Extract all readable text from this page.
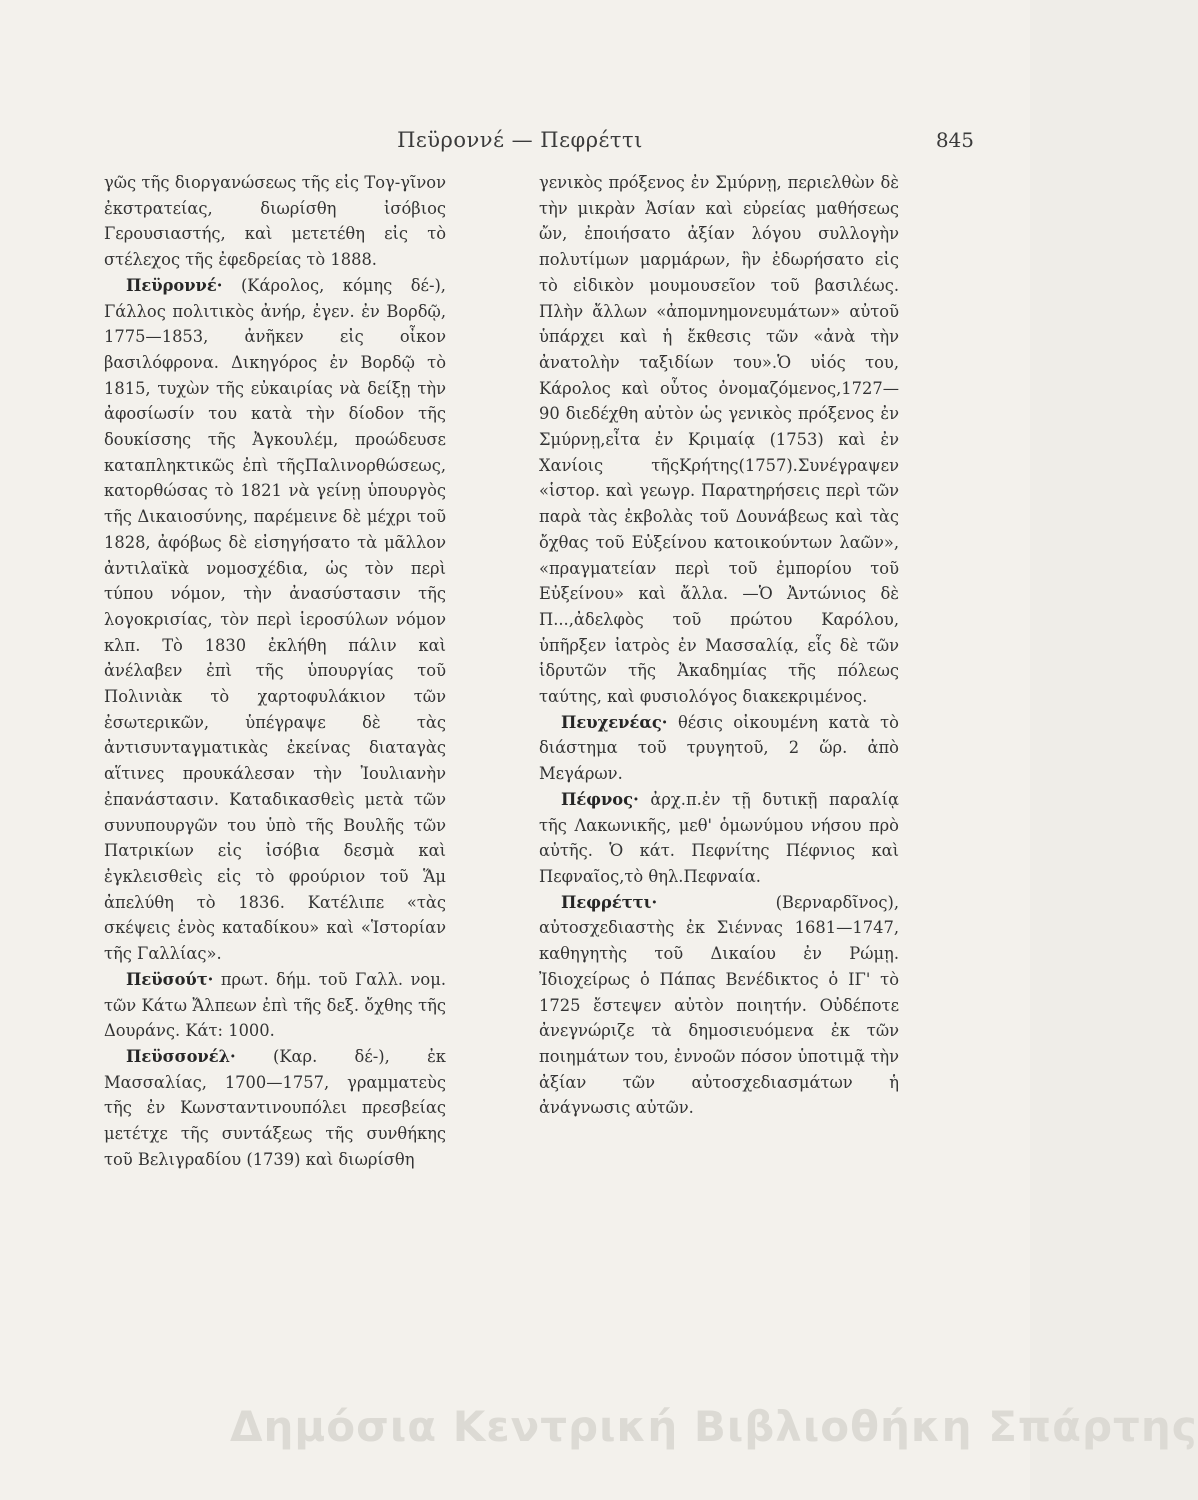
Πεϋροννέ — Πεφρέττι	845

γῶς τῆς διοργανώσεως τῆς εἰς Τογ-γῖνον ἐκστρατείας, διωρίσθη ἰσόβιος Γερουσιαστής, καὶ μετετέθη εἰς τὸ στέλεχος τῆς ἐφεδρείας τὸ 1888.

Πεϋροννέ· (Κάρολος, κόμης δέ-), Γάλλος πολιτικὸς ἀνήρ, ἐγεν. ἐν Βορδῷ, 1775—1853, ἀνῆκεν εἰς οἶκον βασιλόφρονα. Δικηγόρος ἐν Βορδῷ τὸ 1815, τυχὼν τῆς εὐκαιρίας νὰ δείξῃ τὴν ἀφοσίωσίν του κατὰ τὴν δίοδον τῆς δουκίσσης τῆς Ἀγκουλέμ, προώδευσε καταπληκτικῶς ἐπὶ τῆςΠαλινορθώσεως, κατορθώσας τὸ 1821 νὰ γείνῃ ὑπουργὸς τῆς Δικαιοσύνης, παρέμεινε δὲ μέχρι τοῦ 1828, ἀφόβως δὲ εἰσηγήσατο τὰ μᾶλλον ἀντιλαϊκὰ νομοσχέδια, ὡς τὸν περὶ τύπου νόμον, τὴν ἀνασύστασιν τῆς λογοκρισίας, τὸν περὶ ἱεροσύλων νόμον κλπ. Τὸ 1830 ἐκλήθη πάλιν καὶ ἀνέλαβεν ἐπὶ τῆς ὑπουργίας τοῦ Πολινιὰκ τὸ χαρτοφυλάκιον τῶν ἐσωτερικῶν, ὑπέγραψε δὲ τὰς ἀντισυνταγματικὰς ἐκείνας διαταγὰς αἵτινες προυκάλεσαν τὴν Ἰουλιανὴν ἐπανάστασιν. Καταδικασθεὶς μετὰ τῶν συνυπουργῶν του ὑπὸ τῆς Βουλῆς τῶν Πατρικίων εἰς ἰσόβια δεσμὰ καὶ ἐγκλεισθεὶς εἰς τὸ φρούριον τοῦ Ἅμ ἀπελύθη τὸ 1836. Κατέλιπε «τὰς σκέψεις ἑνὸς καταδίκου» καὶ «Ἱστορίαν τῆς Γαλλίας».

Πεϋσούτ· πρωτ. δήμ. τοῦ Γαλλ. νομ. τῶν Κάτω Ἄλπεων ἐπὶ τῆς δεξ. ὄχθης τῆς Δουράνς. Κάτ: 1000.

Πεϋσσονέλ· (Καρ. δέ-), ἐκ Μασσαλίας, 1700—1757, γραμματεὺς τῆς ἐν Κωνσταντινουπόλει πρεσβείας μετέτχε τῆς συντάξεως τῆς συνθήκης τοῦ Βελιγραδίου (1739) καὶ διωρίσθη

γενικὸς πρόξενος ἐν Σμύρνῃ, περιελθὼν δὲ τὴν μικρὰν Ἀσίαν καὶ εὐρείας μαθήσεως ὤν, ἐποιήσατο ἀξίαν λόγου συλλογὴν πολυτίμων μαρμάρων, ἣν ἐδωρήσατο εἰς τὸ εἰδικὸν μουμουσεῖον τοῦ βασιλέως. Πλὴν ἄλλων «ἀπομνημονευμάτων» αὐτοῦ ὑπάρχει καὶ ἡ ἔκθεσις τῶν «ἀνὰ τὴν ἀνατολὴν ταξιδίων του».Ὁ υἱός του, Κάρολος καὶ οὗτος ὀνομαζόμενος,1727—90 διεδέχθη αὐτὸν ὡς γενικὸς πρόξενος ἐν Σμύρνῃ,εἶτα ἐν Κριμαίᾳ (1753) καὶ ἐν Χανίοις τῆςΚρήτης(1757).Συνέγραψεν «ἱστορ. καὶ γεωγρ. Παρατηρήσεις περὶ τῶν παρὰ τὰς ἐκβολὰς τοῦ Δουνάβεως καὶ τὰς ὄχθας τοῦ Εὐξείνου κατοικούντων λαῶν», «πραγματείαν περὶ τοῦ ἐμπορίου τοῦ Εὐξείνου» καὶ ἄλλα. —Ὁ Ἀντώνιος δὲ Π...,ἀδελφὸς τοῦ πρώτου Καρόλου, ὑπῆρξεν ἰατρὸς ἐν Μασσαλίᾳ, εἷς δὲ τῶν ἱδρυτῶν τῆς Ἀκαδημίας τῆς πόλεως ταύτης, καὶ φυσιολόγος διακεκριμένος.

Πευχενέας· θέσις οἰκουμένη κατὰ τὸ διάστημα τοῦ τρυγητοῦ, 2 ὥρ. ἀπὸ Μεγάρων.

Πέφνος· ἀρχ.π.ἐν τῇ δυτικῇ παραλίᾳ τῆς Λακωνικῆς, μεθ' ὁμωνύμου νήσου πρὸ αὐτῆς. Ὁ κάτ. Πεφνίτης Πέφνιος καὶ Πεφναῖος,τὸ θηλ.Πεφναία.

Πεφρέττι·	(Βερναρδῖνος), αὐτοσχεδιαστὴς ἐκ Σιέννας 1681—1747, καθηγητὴς τοῦ Δικαίου ἐν Ρώμῃ. Ἰδιοχείρως ὁ Πάπας Βενέδικτος ὁ ΙΓ' τὸ 1725 ἔστεψεν αὐτὸν ποιητήν. Οὐδέποτε ἀνεγνώριζε τὰ δημοσιευόμενα ἐκ τῶν ποιημάτων του, ἐννοῶν πόσον ὑποτιμᾷ τὴν ἀξίαν τῶν αὐτοσχεδιασμάτων ἡ ἀνάγνωσις αὐτῶν.

Δημόσια Κεντρική Βιβλιοθήκη Σπάρτης
